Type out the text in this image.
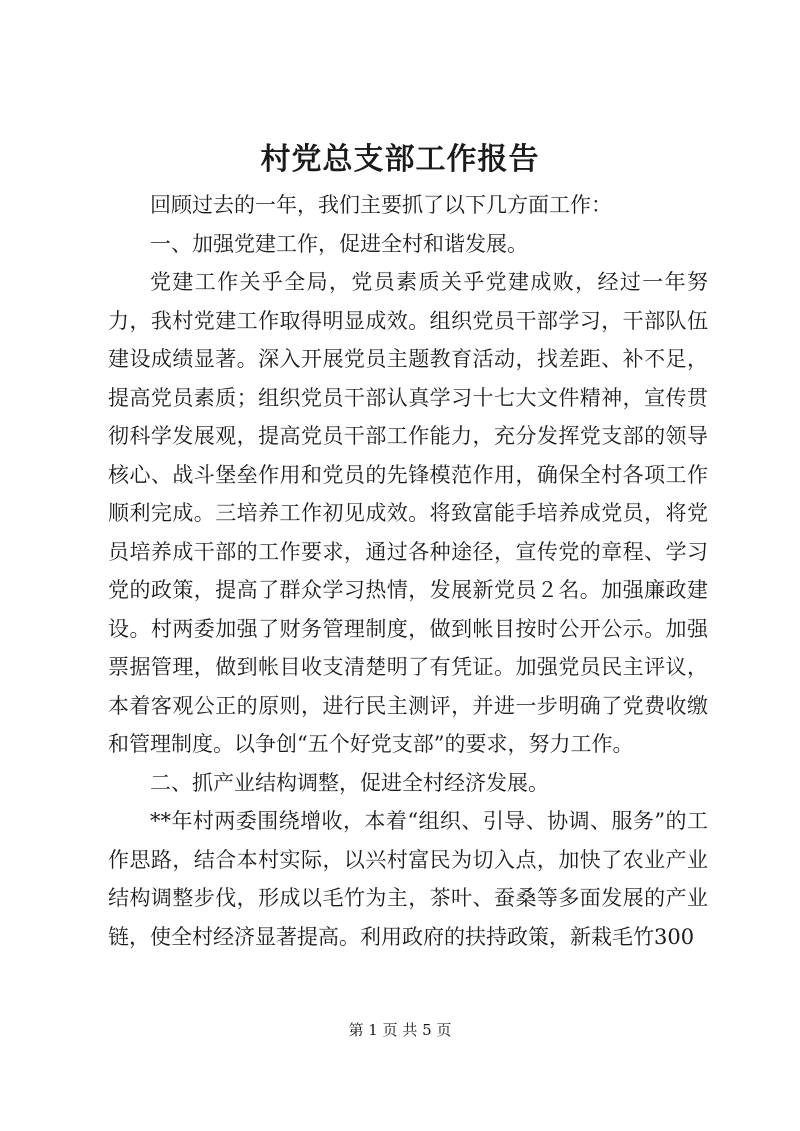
村党总支部工作报告

回顾过去的一年，我们主要抓了以下几方面工作：

一、加强党建工作，促进全村和谐发展。

党建工作关乎全局，党员素质关乎党建成败，经过一年努力，我村党建工作取得明显成效。组织党员干部学习，干部队伍建设成绩显著。深入开展党员主题教育活动，找差距、补不足，提高党员素质；组织党员干部认真学习十七大文件精神，宣传贯彻科学发展观，提高党员干部工作能力，充分发挥党支部的领导核心、战斗堡垒作用和党员的先锋模范作用，确保全村各项工作顺利完成。三培养工作初见成效。将致富能手培养成党员，将党员培养成干部的工作要求，通过各种途径，宣传党的章程、学习党的政策，提高了群众学习热情，发展新党员２名。加强廉政建设。村两委加强了财务管理制度，做到帐目按时公开公示。加强票据管理，做到帐目收支清楚明了有凭证。加强党员民主评议，本着客观公正的原则，进行民主测评，并进一步明确了党费收缴和管理制度。以争创“五个好党支部”的要求，努力工作。

二、抓产业结构调整，促进全村经济发展。

**年村两委围绕增收，本着“组织、引导、协调、服务”的工作思路，结合本村实际，以兴村富民为切入点，加快了农业产业结构调整步伐，形成以毛竹为主，茶叶、蚕桑等多面发展的产业链，使全村经济显著提高。利用政府的扶持政策，新栽毛竹300

第 1 页 共 5 页
